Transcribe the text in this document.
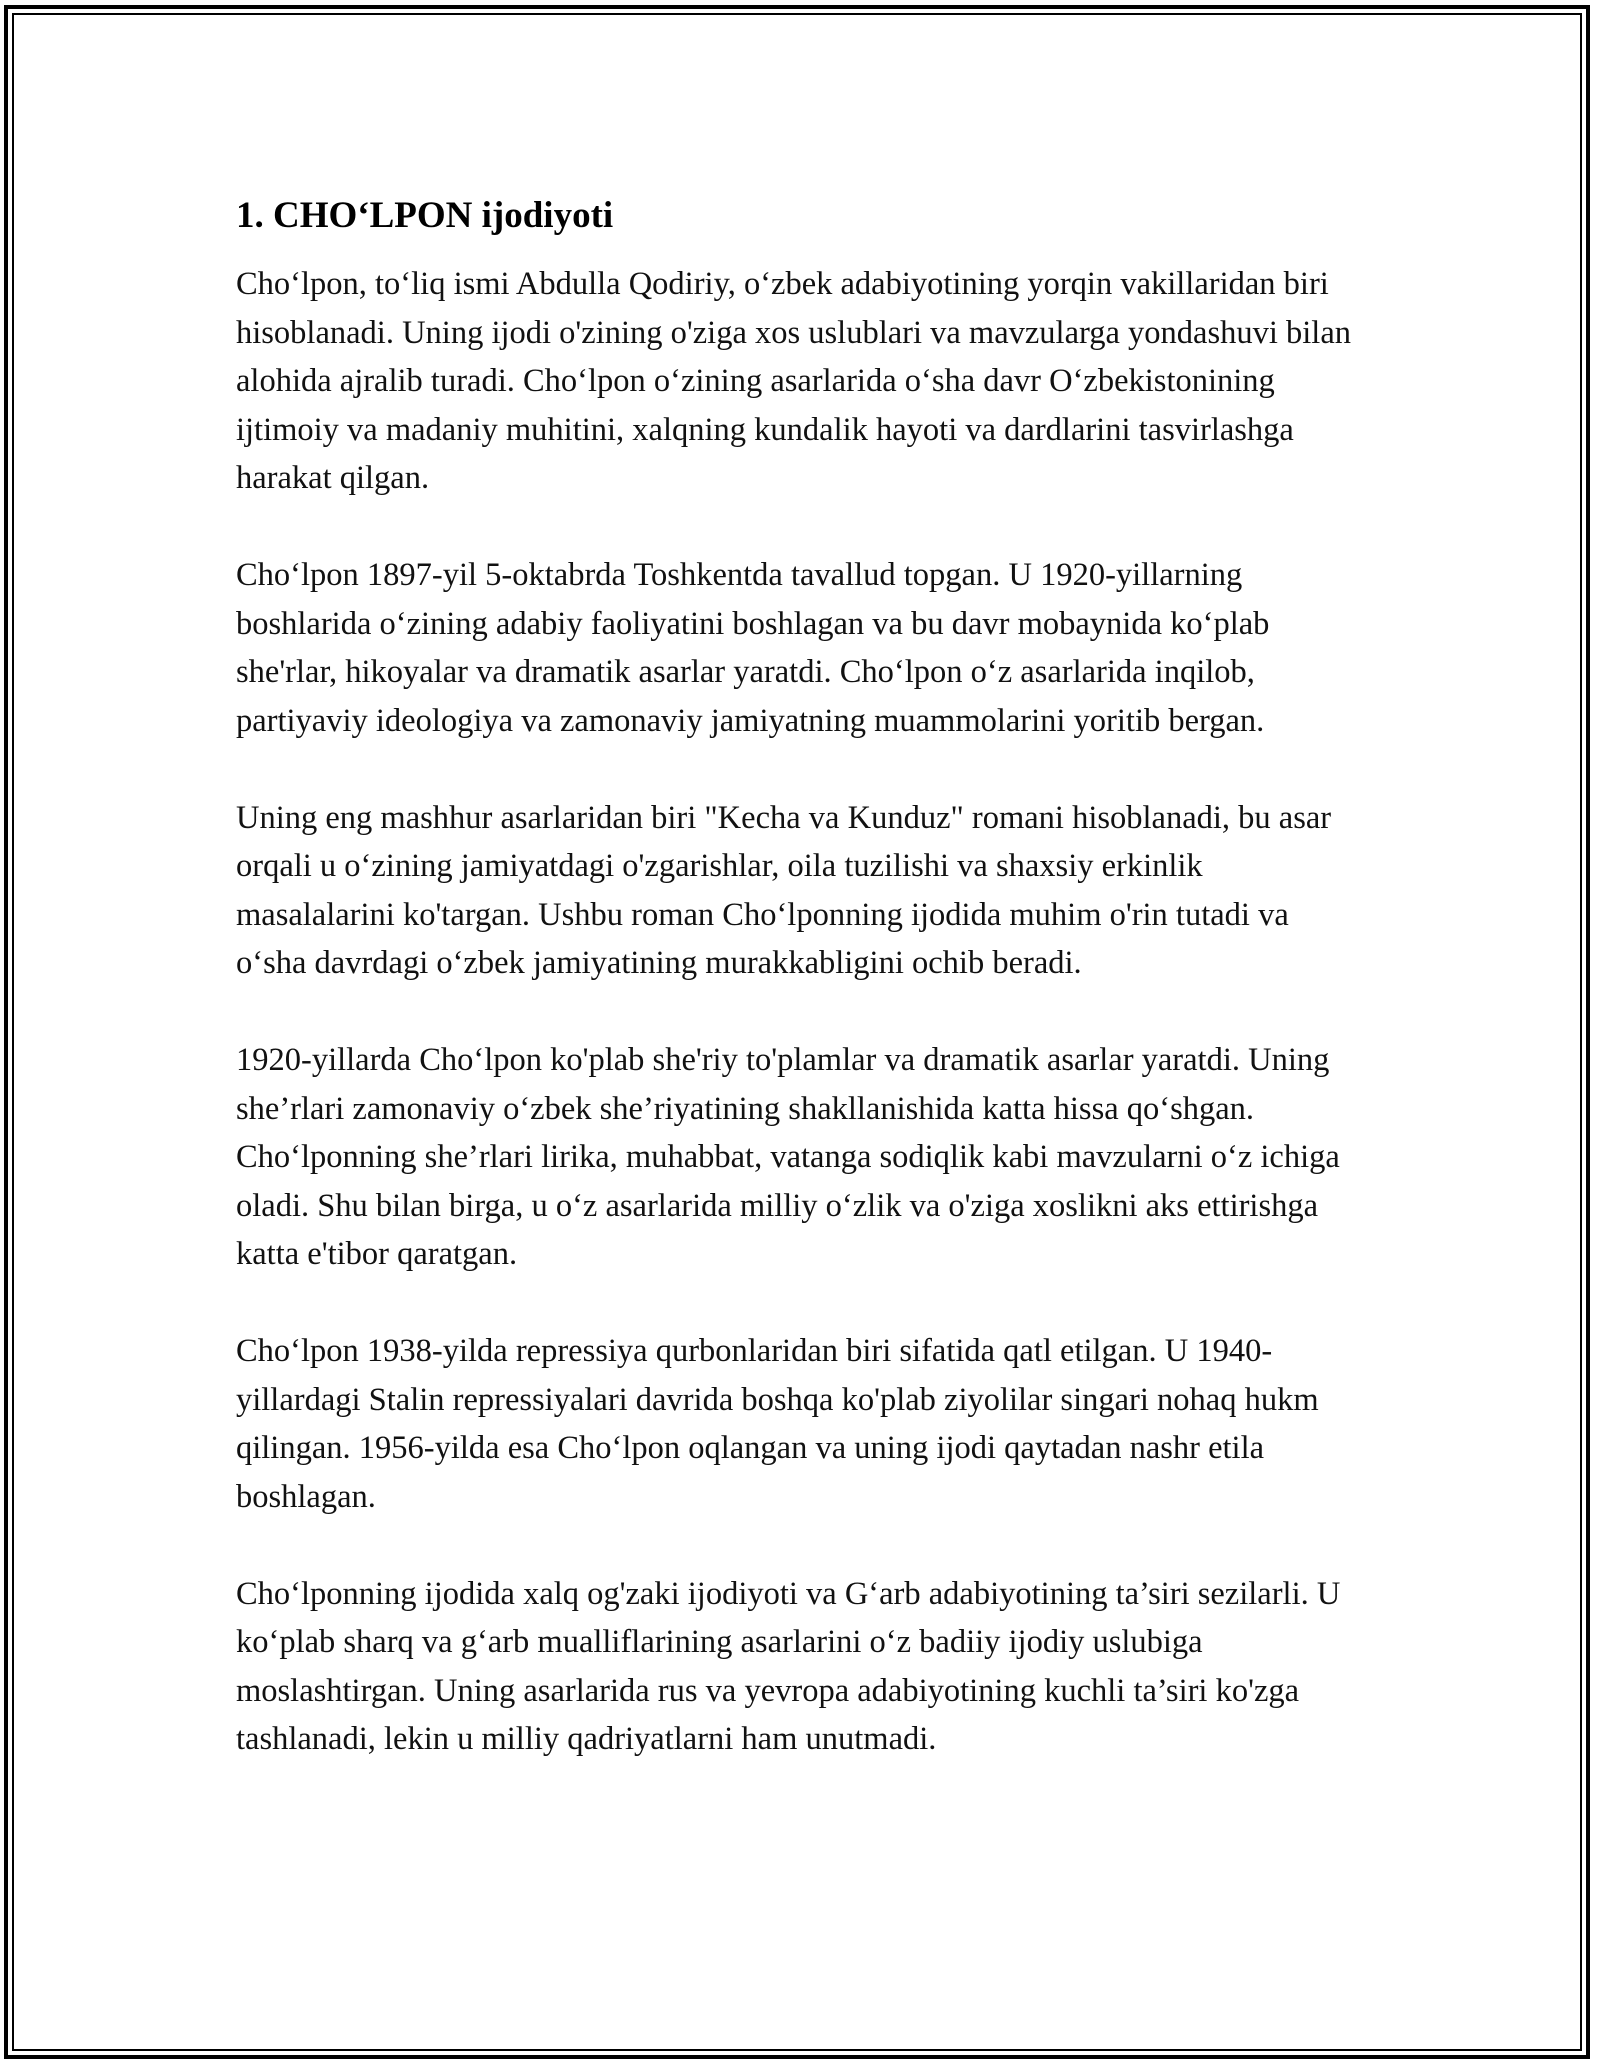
1. CHO‘LPON ijodiyoti

Cho‘lpon, to‘liq ismi Abdulla Qodiriy, o‘zbek adabiyotining yorqin vakillaridan biri hisoblanadi. Uning ijodi o'zining o'ziga xos uslublari va mavzularga yondashuvi bilan alohida ajralib turadi. Cho‘lpon o‘zining asarlarida o‘sha davr O‘zbekistonining ijtimoiy va madaniy muhitini, xalqning kundalik hayoti va dardlarini tasvirlashga harakat qilgan.

Cho‘lpon 1897-yil 5-oktabrda Toshkentda tavallud topgan. U 1920-yillarning boshlarida o‘zining adabiy faoliyatini boshlagan va bu davr mobaynida ko‘plab she'rlar, hikoyalar va dramatik asarlar yaratdi. Cho‘lpon o‘z asarlarida inqilob, partiyaviy ideologiya va zamonaviy jamiyatning muammolarini yoritib bergan.

Uning eng mashhur asarlaridan biri "Kecha va Kunduz" romani hisoblanadi, bu asar orqali u o‘zining jamiyatdagi o'zgarishlar, oila tuzilishi va shaxsiy erkinlik masalalarini ko'targan. Ushbu roman Cho‘lponning ijodida muhim o'rin tutadi va o‘sha davrdagi o‘zbek jamiyatining murakkabligini ochib beradi.

1920-yillarda Cho‘lpon ko'plab she'riy to'plamlar va dramatik asarlar yaratdi. Uning she’rlari zamonaviy o‘zbek she’riyatining shakllanishida katta hissa qo‘shgan. Cho‘lponning she’rlari lirika, muhabbat, vatanga sodiqlik kabi mavzularni o‘z ichiga oladi. Shu bilan birga, u o‘z asarlarida milliy o‘zlik va o'ziga xoslikni aks ettirishga katta e'tibor qaratgan.

Cho‘lpon 1938-yilda repressiya qurbonlaridan biri sifatida qatl etilgan. U 1940-yillardagi Stalin repressiyalari davrida boshqa ko'plab ziyolilar singari nohaq hukm qilingan. 1956-yilda esa Cho‘lpon oqlangan va uning ijodi qaytadan nashr etila boshlagan.

Cho‘lponning ijodida xalq og'zaki ijodiyoti va G‘arb adabiyotining ta’siri sezilarli. U ko‘plab sharq va g‘arb mualliflarining asarlarini o‘z badiiy ijodiy uslubiga moslashtirgan. Uning asarlarida rus va yevropa adabiyotining kuchli ta’siri ko'zga tashlanadi, lekin u milliy qadriyatlarni ham unutmadi.
